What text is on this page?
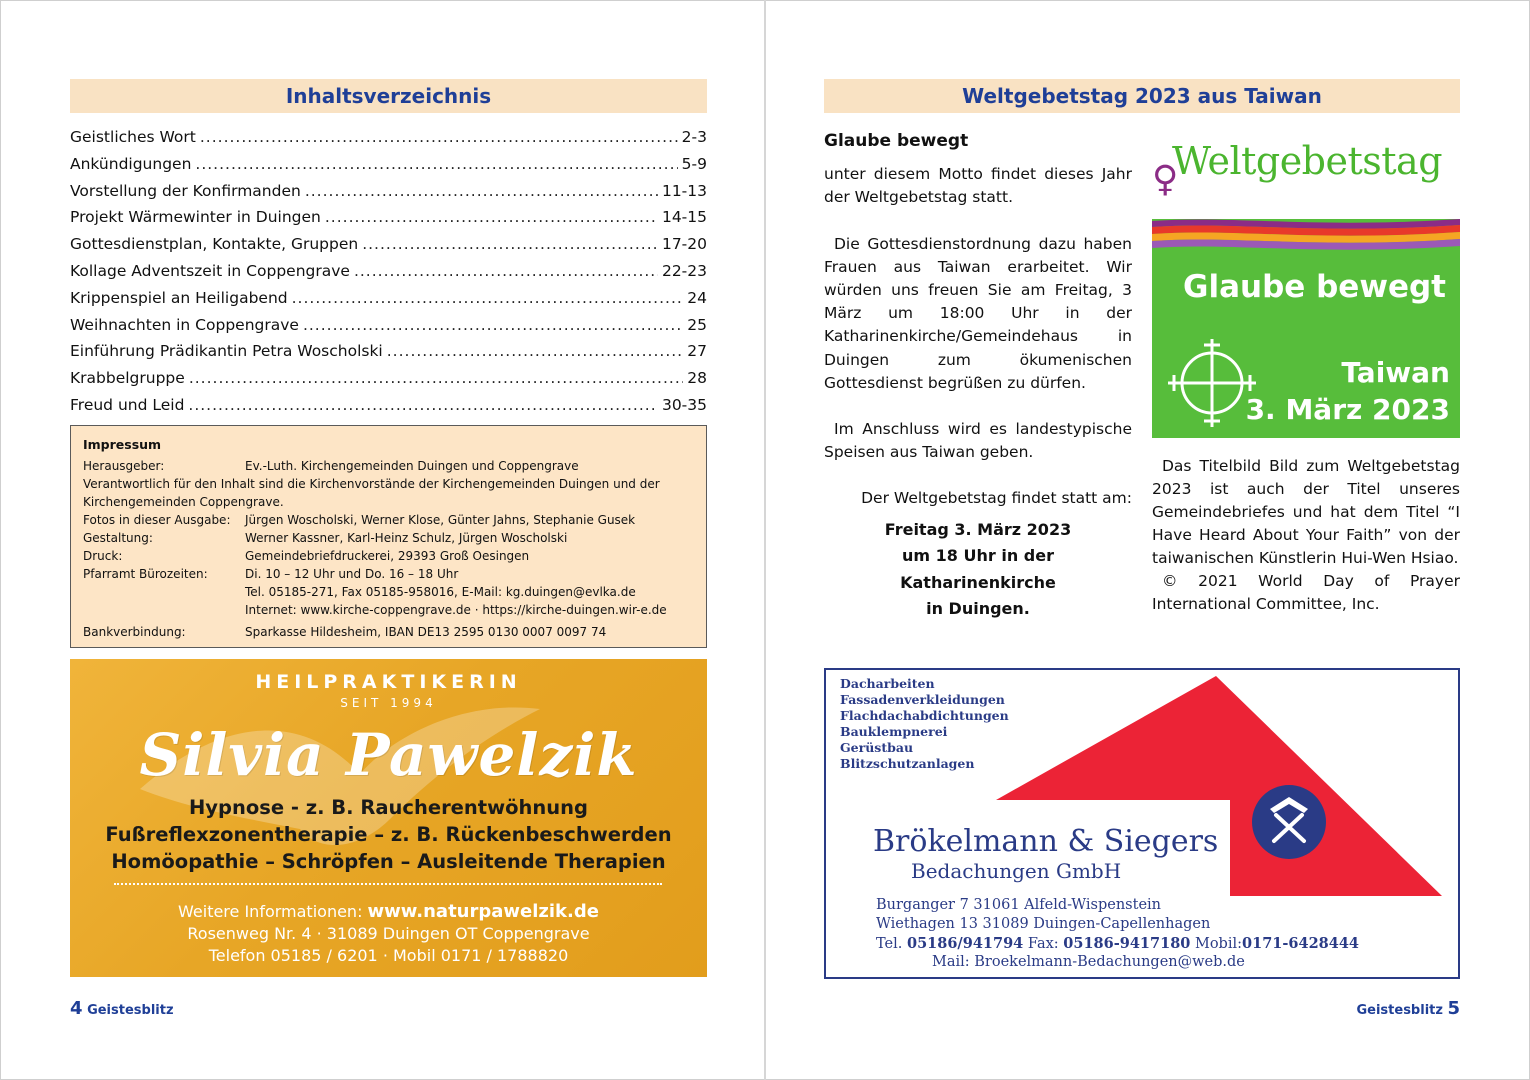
Inhaltsverzeichnis
Geistliches Wort .....	2-3
Ankündigungen .....	5-9
Vorstellung der Konfirmanden .....	11-13
Projekt Wärmewinter in Duingen .....	14-15
Gottesdienstplan, Kontakte, Gruppen .....	17-20
Kollage Adventszeit in Coppengrave .....	22-23
Krippenspiel an Heiligabend .....	24
Weihnachten in Coppengrave .....	25
Einführung Prädikantin Petra Woscholski .....	27
Krabbelgruppe .....	28
Freud und Leid .....	30-35
Impressum
Herausgeber:	Ev.-Luth. Kirchengemeinden Duingen und Coppengrave
Verantwortlich für den Inhalt sind die Kirchenvorstände der Kirchengemeinden Duingen und der Kirchengemeinden Coppengrave.
Fotos in dieser Ausgabe:	Jürgen Woscholski, Werner Klose, Günter Jahns, Stephanie Gusek
Gestaltung:	Werner Kassner, Karl-Heinz Schulz, Jürgen Woscholski
Druck:	Gemeindebriefdruckerei, 29393 Groß Oesingen
Pfarramt Bürozeiten:	Di. 10 – 12 Uhr und Do. 16 – 18 Uhr
Tel. 05185-271, Fax 05185-958016, E-Mail: kg.duingen@evlka.de
Internet: www.kirche-coppengrave.de · https://kirche-duingen.wir-e.de
Bankverbindung:	Sparkasse Hildesheim, IBAN DE13 2595 0130 0007 0097 74
HEILPRAKTIKERIN
SEIT 1994
Silvia Pawelzik
Hypnose - z. B. Raucherentwöhnung
Fußreflexzonentherapie – z. B. Rückenbeschwerden
Homöopathie – Schröpfen – Ausleitende Therapien
Weitere Informationen: www.naturpawelzik.de
Rosenweg Nr. 4 · 31089 Duingen OT Coppengrave
Telefon 05185 / 6201 · Mobil 0171 / 1788820
4 Geistesblitz
Weltgebetstag 2023 aus Taiwan
Glaube bewegt

unter diesem Motto findet dieses Jahr der Weltgebetstag statt.

Die Gottesdienstordnung dazu haben Frauen aus Taiwan erarbeitet. Wir würden uns freuen Sie am Freitag, 3 März um 18:00 Uhr in der Katharinenkirche/Gemeindehaus in Duingen zum ökumenischen Gottesdienst begrüßen zu dürfen.

Im Anschluss wird es landestypische Speisen aus Taiwan geben.

Der Weltgebetstag findet statt am:

Freitag 3. März 2023
um 18 Uhr in der
Katharinenkirche
in Duingen.
♀
Weltgebetstag
Glaube bewegt
Taiwan
3. März 2023

Das Titelbild Bild zum Weltgebetstag 2023 ist auch der Titel unseres Gemeindebriefes und hat dem Titel “I Have Heard About Your Faith” von der taiwanischen Künstlerin Hui-Wen Hsiao.

© 2021 World Day of Prayer International Committee, Inc.

Dacharbeiten
Fassadenverkleidungen
Flachdachabdichtungen
Bauklempnerei
Gerüstbau
Blitzschutzanlagen
Brökelmann & Siegers
Bedachungen GmbH
Burganger 7 31061 Alfeld-Wispenstein
Wiethagen 13 31089 Duingen-Capellenhagen
Tel. 05186/941794 Fax: 05186-9417180 Mobil:0171-6428444
Mail: Broekelmann-Bedachungen@web.de
Geistesblitz 5
